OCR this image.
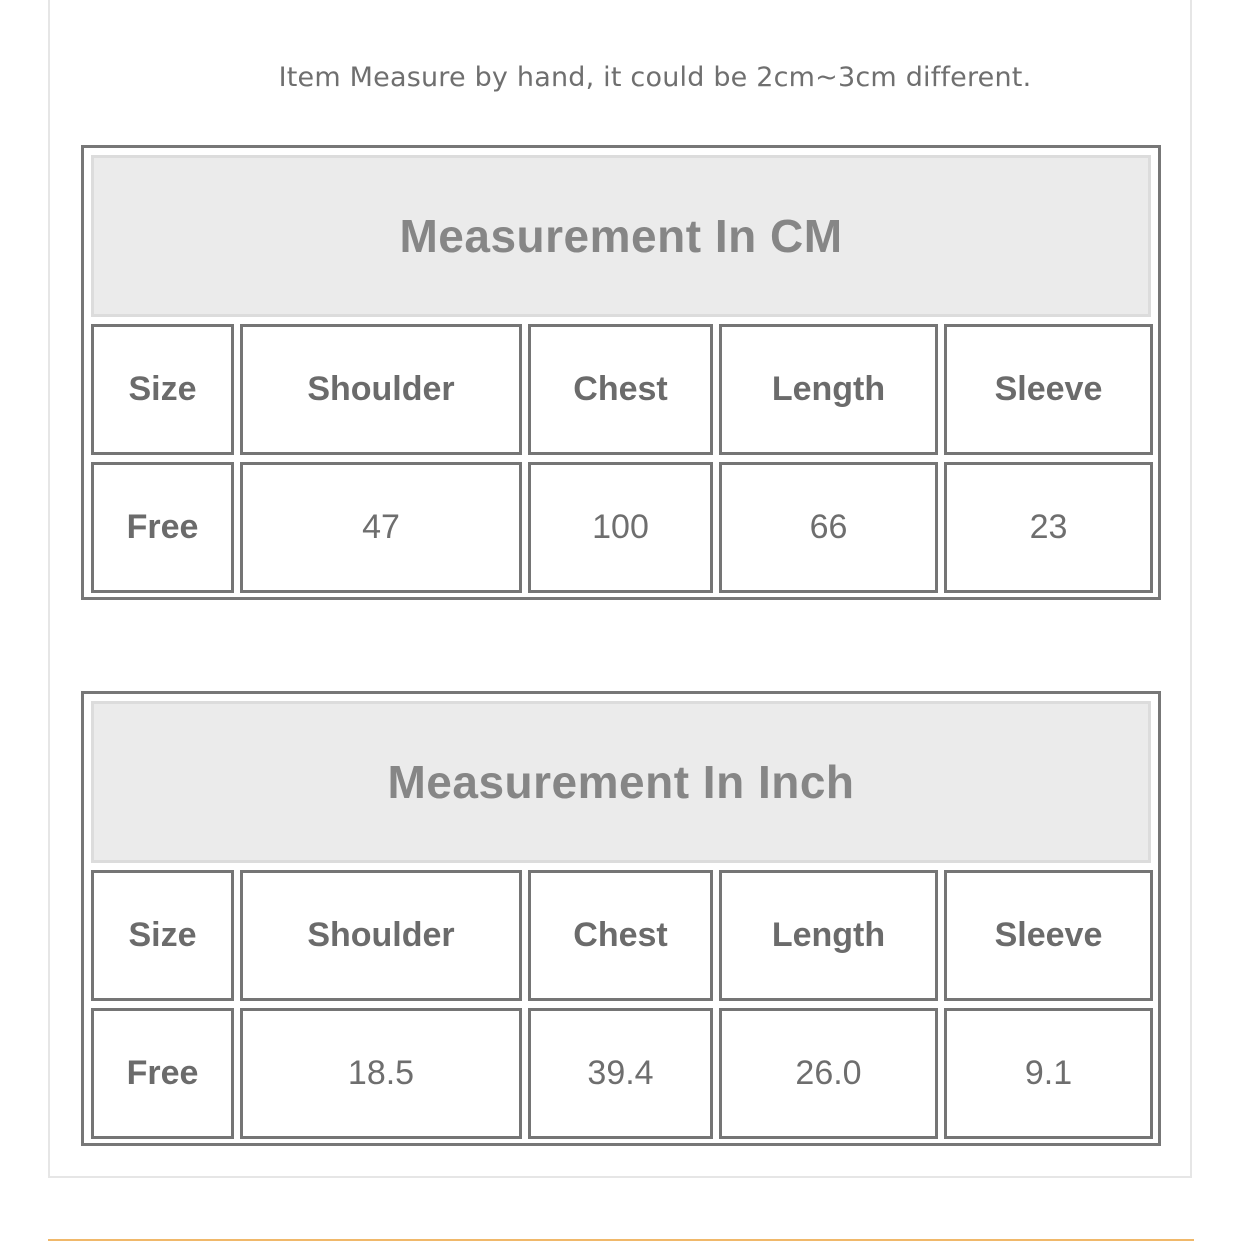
Item Measure by hand, it could be 2cm~3cm different.
Measurement In CM
Size	Shoulder	Chest	Length	Sleeve
Free	47	100	66	23
Measurement In Inch
Size	Shoulder	Chest	Length	Sleeve
Free	18.5	39.4	26.0	9.1
